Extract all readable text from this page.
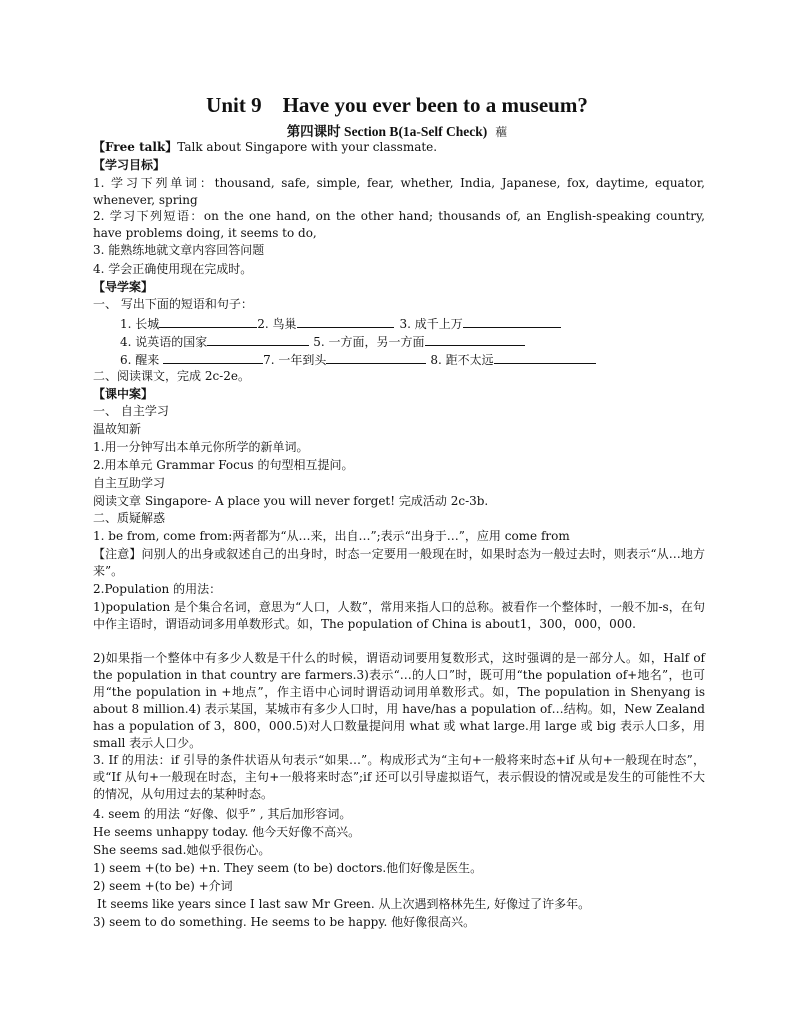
Unit 9    Have you ever been to a museum?
第四课时 Section B(1a-Self Check) 藲
【Free talk】Talk about Singapore with your classmate.
【学习目标】
1. 学习下列单词：thousand, safe, simple, fear, whether, India, Japanese, fox, daytime, equator, whenever, spring
2. 学习下列短语：on the one hand, on the other hand; thousands of, an English-speaking country, have problems doing, it seems to do,
3. 能熟练地就文章内容回答问题
4. 学会正确使用现在完成时。
【导学案】
一、 写出下面的短语和句子：
1. 长城	2. 鸟巢	3. 成千上万
4. 说英语的国家	5. 一方面，另一方面
6. 醒来	7. 一年到头	8. 距不太远
二、阅读课文，完成 2c-2e。
【课中案】
一、 自主学习
温故知新
1.用一分钟写出本单元你所学的新单词。
2.用本单元 Grammar Focus 的句型相互提问。
自主互助学习
阅读文章 Singapore- A place you will never forget! 完成活动 2c-3b.
二、质疑解惑
1. be from, come from:两者都为“从…来，出自…”;表示“出身于…”，应用 come from
【注意】问别人的出身或叙述自己的出身时，时态一定要用一般现在时，如果时态为一般过去时，则表示“从…地方来”。
2.Population 的用法：
1)population 是个集合名词，意思为“人口，人数”，常用来指人口的总称。被看作一个整体时，一般不加-s，在句中作主语时，谓语动词多用单数形式。如，The population of China is about1，300，000，000.
2)如果指一个整体中有多少人数是干什么的时候，谓语动词要用复数形式，这时强调的是一部分人。如，Half of the population in that country are farmers.3)表示“…的人口”时，既可用“the population of+地名”，也可用“the population in +地点”，作主语中心词时谓语动词用单数形式。如，The population in Shenyang is about 8 million.4) 表示某国，某城市有多少人口时，用 have/has a population of…结构。如，New Zealand has a population of 3，800，000.5)对人口数量提问用 what 或 what large.用 large 或 big 表示人口多，用 small 表示人口少。
3. If 的用法：if 引导的条件状语从句表示“如果…”。构成形式为“主句+一般将来时态+if 从句+一般现在时态”，或“If 从句+一般现在时态，主句+一般将来时态”;if 还可以引导虚拟语气，表示假设的情况或是发生的可能性不大的情况，从句用过去的某种时态。
4. seem 的用法 “好像、似乎” , 其后加形容词。
He seems unhappy today. 他今天好像不高兴。
She seems sad.她似乎很伤心。
1) seem +(to be) +n. They seem (to be) doctors.他们好像是医生。
2) seem +(to be) +介词
It seems like years since I last saw Mr Green. 从上次遇到格林先生, 好像过了许多年。
3) seem to do something. He seems to be happy. 他好像很高兴。
